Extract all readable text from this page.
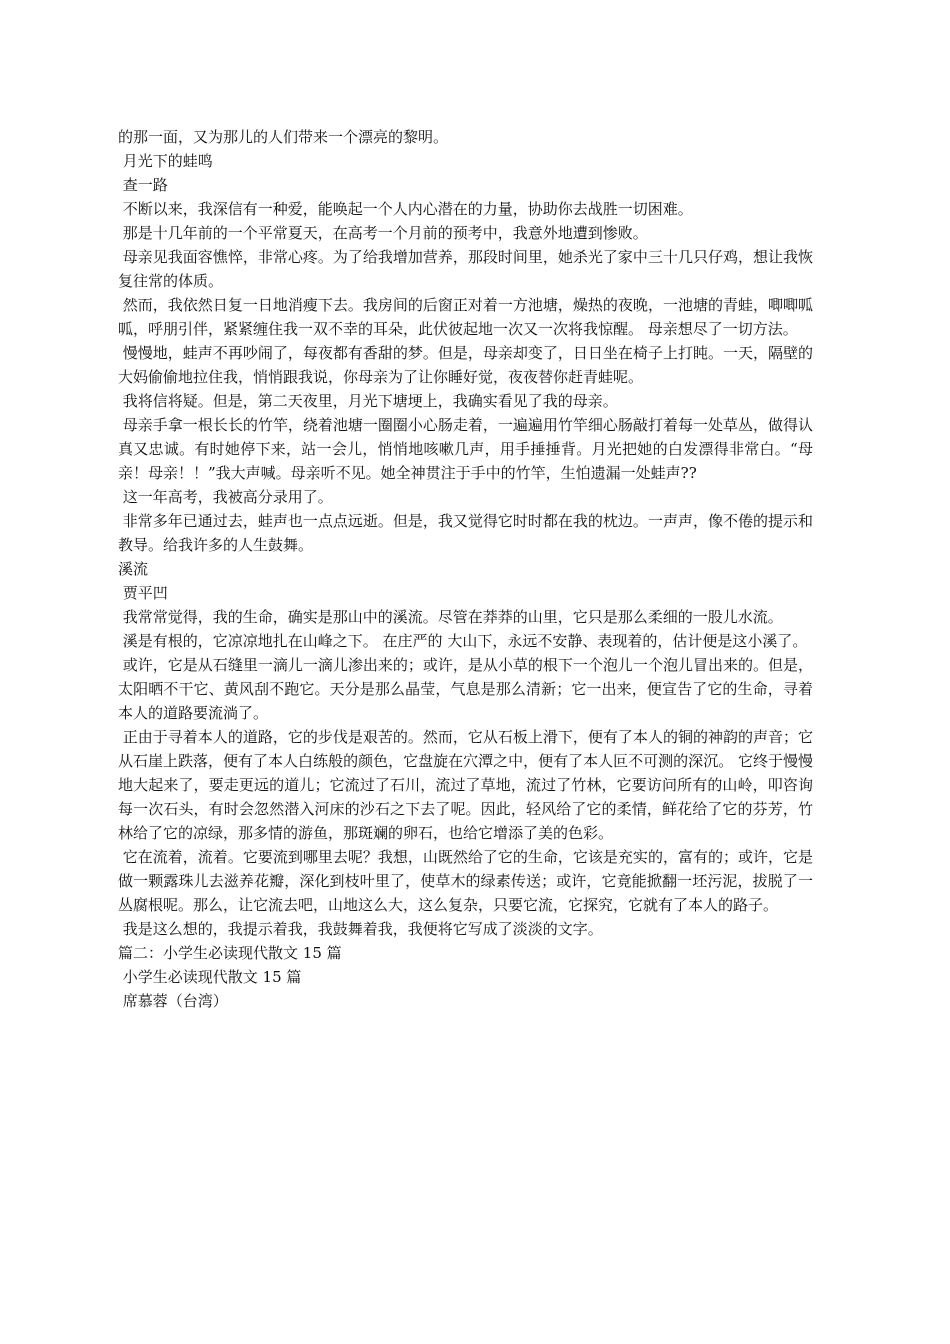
的那一面，又为那儿的人们带来一个漂亮的黎明。

月光下的蛙鸣

查一路

不断以来，我深信有一种爱，能唤起一个人内心潜在的力量，协助你去战胜一切困难。

那是十几年前的一个平常夏天，在高考一个月前的预考中，我意外地遭到惨败。

母亲见我面容憔悴，非常心疼。为了给我增加营养，那段时间里，她杀光了家中三十几只仔鸡，想让我恢复往常的体质。

然而，我依然日复一日地消瘦下去。我房间的后窗正对着一方池塘，燥热的夜晚，一池塘的青蛙，唧唧呱呱，呼朋引伴，紧紧缠住我一双不幸的耳朵，此伏彼起地一次又一次将我惊醒。 母亲想尽了一切方法。

慢慢地，蛙声不再吵闹了，每夜都有香甜的梦。但是，母亲却变了，日日坐在椅子上打盹。一天，隔壁的大妈偷偷地拉住我，悄悄跟我说，你母亲为了让你睡好觉，夜夜替你赶青蛙呢。

我将信将疑。但是，第二天夜里，月光下塘埂上，我确实看见了我的母亲。

母亲手拿一根长长的竹竿，绕着池塘一圈圈小心肠走着，一遍遍用竹竿细心肠敲打着每一处草丛，做得认真又忠诚。有时她停下来，站一会儿，悄悄地咳嗽几声，用手捶捶背。月光把她的白发漂得非常白。“母亲！母亲！！”我大声喊。母亲听不见。她全神贯注于手中的竹竿，生怕遗漏一处蛙声??

这一年高考，我被高分录用了。

非常多年已通过去，蛙声也一点点远逝。但是，我又觉得它时时都在我的枕边。一声声，像不倦的提示和教导。给我许多的人生鼓舞。

溪流

贾平凹

我常常觉得，我的生命，确实是那山中的溪流。尽管在莽莽的山里，它只是那么柔细的一股儿水流。

溪是有根的，它凉凉地扎在山峰之下。 在庄严的 大山下，永远不安静、表现着的，估计便是这小溪了。

或许，它是从石缝里一滴儿一滴儿渗出来的；或许，是从小草的根下一个泡儿一个泡儿冒出来的。但是，太阳晒不干它、黄风刮不跑它。天分是那么晶莹，气息是那么清新；它一出来，便宣告了它的生命，寻着本人的道路要流淌了。

正由于寻着本人的道路，它的步伐是艰苦的。然而，它从石板上滑下，便有了本人的铜的神韵的声音；它从石崖上跌落，便有了本人白练般的颜色，它盘旋在穴潭之中，便有了本人叵不可测的深沉。 它终于慢慢地大起来了，要走更远的道儿；它流过了石川，流过了草地，流过了竹林，它要访问所有的山岭，叩咨询每一次石头，有时会忽然潜入河床的沙石之下去了呢。因此，轻风给了它的柔情，鲜花给了它的芬芳，竹林给了它的凉绿，那多情的游鱼，那斑斓的卵石，也给它增添了美的色彩。

它在流着，流着。它要流到哪里去呢？我想，山既然给了它的生命，它该是充实的，富有的；或许，它是做一颗露珠儿去滋养花瓣，深化到枝叶里了，使草木的绿素传送；或许，它竟能掀翻一坯污泥，拔脱了一丛腐根呢。那么，让它流去吧，山地这么大，这么复杂，只要它流，它探究，它就有了本人的路子。

我是这么想的，我提示着我，我鼓舞着我，我便将它写成了淡淡的文字。

篇二：小学生必读现代散文 15 篇

小学生必读现代散文 15 篇

席慕蓉（台湾）
